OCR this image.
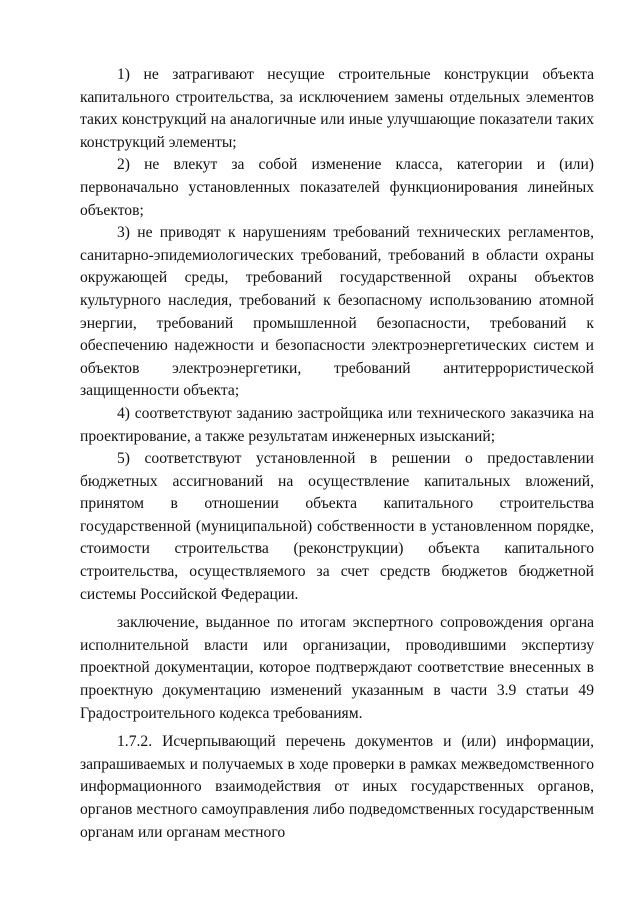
1) не затрагивают несущие строительные конструкции объекта капитального строительства, за исключением замены отдельных элементов таких конструкций на аналогичные или иные улучшающие показатели таких конструкций элементы;

2) не влекут за собой изменение класса, категории и (или) первоначально установленных показателей функционирования линейных объектов;

3) не приводят к нарушениям требований технических регламентов, санитарно-эпидемиологических требований, требований в области охраны окружающей среды, требований государственной охраны объектов культурного наследия, требований к безопасному использованию атомной энергии, требований промышленной безопасности, требований к обеспечению надежности и безопасности электроэнергетических систем и объектов электроэнергетики, требований антитеррористической защищенности объекта;

4) соответствуют заданию застройщика или технического заказчика на проектирование, а также результатам инженерных изысканий;

5) соответствуют установленной в решении о предоставлении бюджетных ассигнований на осуществление капитальных вложений, принятом в отношении объекта капитального строительства государственной (муниципальной) собственности в установленном порядке, стоимости строительства (реконструкции) объекта капитального строительства, осуществляемого за счет средств бюджетов бюджетной системы Российской Федерации.

заключение, выданное по итогам экспертного сопровождения органа исполнительной власти или организации, проводившими экспертизу проектной документации, которое подтверждают соответствие внесенных в проектную документацию изменений указанным в части 3.9 статьи 49 Градостроительного кодекса требованиям.

1.7.2. Исчерпывающий перечень документов и (или) информации, запрашиваемых и получаемых в ходе проверки в рамках межведомственного информационного взаимодействия от иных государственных органов, органов местного самоуправления либо подведомственных государственным органам или органам местного
